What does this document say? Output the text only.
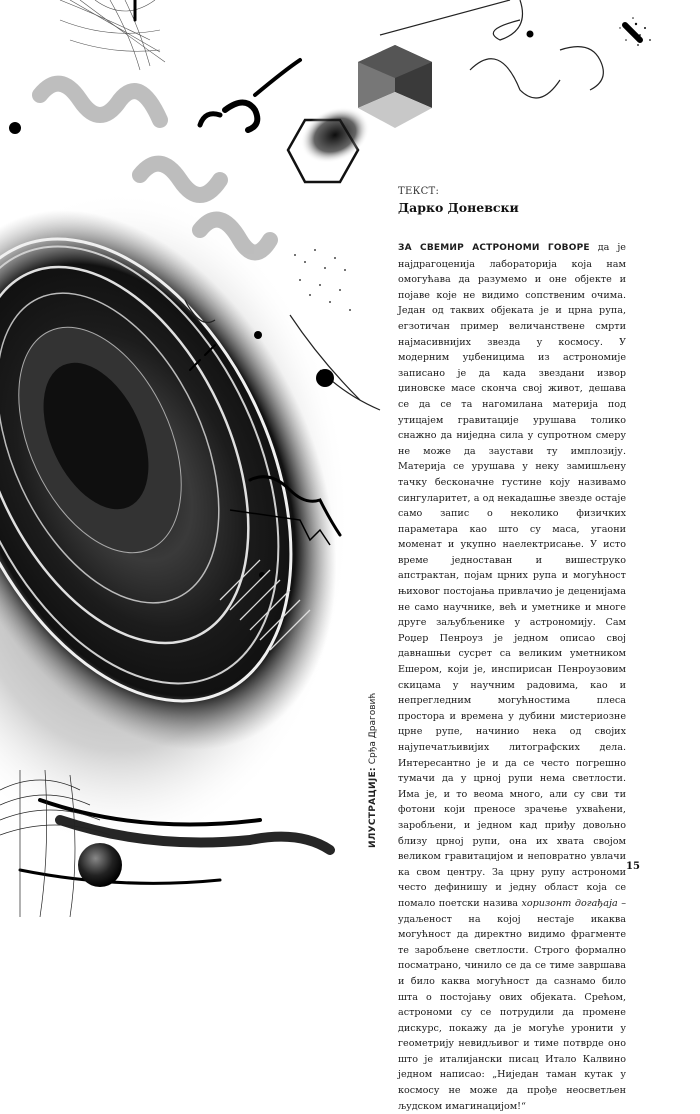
ТЕКСТ:
Дарко Доневски

ЗА СВЕМИР АСТРОНОМИ ГОВОРЕ да је најдрагоценија лабораторија која нам омогућава да разумемо и оне објекте и појаве које не видимо сопственим очима. Један од таквих објеката је и црна рупа, егзотичан пример величанствене смрти најмасивнијих звезда у космосу. У модерним уџбеницима из астрономије записано је да када звездани извор џиновске масе сконча свој живот, дешава се да се та нагомилана материја под утицајем гравитације урушава толико снажно да ниједна сила у супротном смеру не може да заустави ту имплозију. Материја се урушава у неку замишљену тачку бесконачне густине коју називамо сингуларитет, а од некадашње звезде остаје само запис о неколико физичких параметара као што су маса, угаони моменат и укупно наелектрисање. У исто време једноставан и вишеструко апстрактан, појам црних рупа и могућност њиховог постојања привлачио је деценијама не само научнике, већ и уметнике и многе друге заљубљенике у астрономију. Сам Роџер Пенроуз је једном описао свој давнашњи сусрет са великим уметником Ешером, који је, инспирисан Пенроузовим скицама у научним радовима, као и непрегледним могућностима плеса простора и времена у дубини мистериозне црне рупе, начинио нека од својих најупечатљивијих литографских дела. Интересантно је и да се често погрешно тумачи да у црној рупи нема светлости. Има је, и то веома много, али су сви ти фотони који преносе зрачење ухваћени, заробљени, и једном кад приђу довољно близу црној рупи, она их хвата својом великом гравитацијом и неповратно увлачи ка свом центру. За црну рупу астрономи често дефинишу и једну област која се помало поетски назива хоризонт догађаја – удаљеност на којој нестаје икаква могућност да директно видимо фрагменте те заробљене светлости. Строго формално посматрано, чинило се да се тиме завршава и било каква могућност да сазнамо било шта о постојању ових објеката. Срећом, астрономи су се потрудили да промене дискурс, покажу да је могуће уронити у геометрију невидљивог и тиме потврде оно што је италијански писац Итало Калвино једном написао: „Ниједан таман кутак у космосу не може да прође неосветљен људском имагинацијом!“

ИЛУСТРАЦИЈЕ: Срђа Драговић
15
